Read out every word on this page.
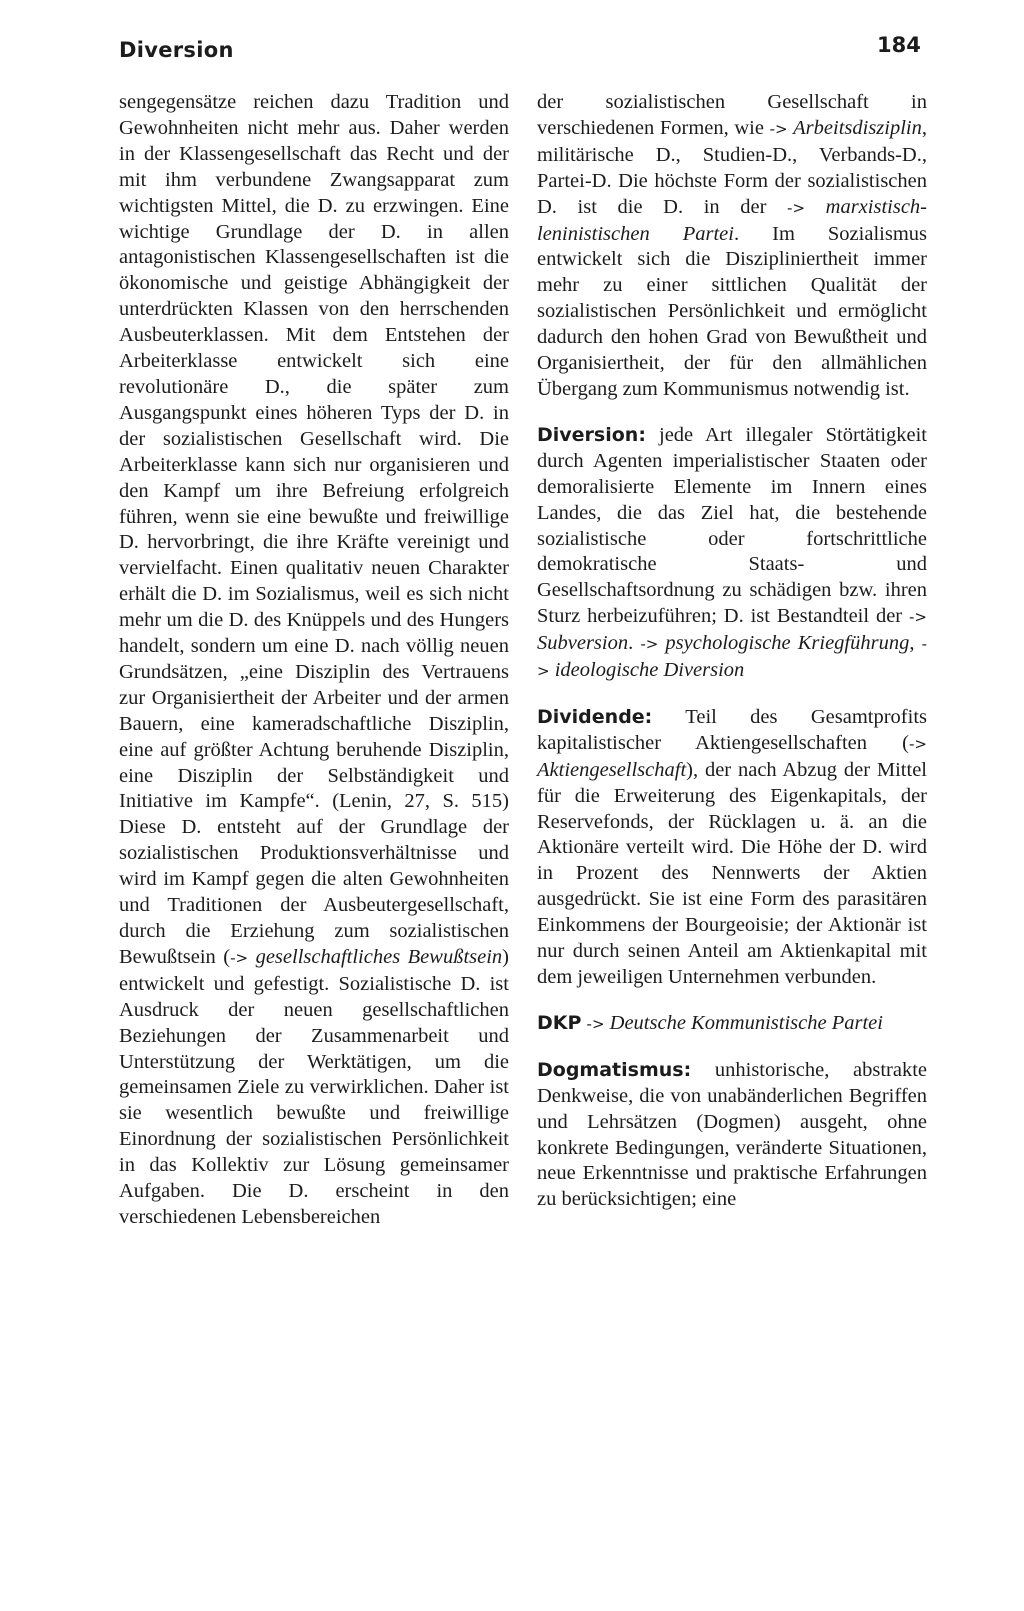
Diversion	184

sengegensätze reichen dazu Tradition und Gewohnheiten nicht mehr aus. Daher werden in der Klassengesellschaft das Recht und der mit ihm verbundene Zwangsapparat zum wichtigsten Mittel, die D. zu erzwingen. Eine wichtige Grundlage der D. in allen antagonistischen Klassengesellschaften ist die ökonomische und geistige Abhängigkeit der unterdrückten Klassen von den herrschenden Ausbeuterklassen. Mit dem Entstehen der Arbeiterklasse entwickelt sich eine revolutionäre D., die später zum Ausgangspunkt eines höheren Typs der D. in der sozialistischen Gesellschaft wird. Die Arbeiterklasse kann sich nur organisieren und den Kampf um ihre Befreiung erfolgreich führen, wenn sie eine bewußte und freiwillige D. hervorbringt, die ihre Kräfte vereinigt und vervielfacht. Einen qualitativ neuen Charakter erhält die D. im Sozialismus, weil es sich nicht mehr um die D. des Knüppels und des Hungers handelt, sondern um eine D. nach völlig neuen Grundsätzen, „eine Disziplin des Vertrauens zur Organisiertheit der Arbeiter und der armen Bauern, eine kameradschaftliche Disziplin, eine auf größter Achtung beruhende Disziplin, eine Disziplin der Selbständigkeit und Initiative im Kampfe“. (Lenin, 27, S. 515) Diese D. entsteht auf der Grundlage der sozialistischen Produktionsverhältnisse und wird im Kampf gegen die alten Gewohnheiten und Traditionen der Ausbeutergesellschaft, durch die Erziehung zum sozialistischen Bewußtsein (-> gesellschaftliches Bewußtsein) entwickelt und gefestigt. Sozialistische D. ist Ausdruck der neuen gesellschaftlichen Beziehungen der Zusammenarbeit und Unterstützung der Werktätigen, um die gemeinsamen Ziele zu verwirklichen. Daher ist sie wesentlich bewußte und freiwillige Einordnung der sozialistischen Persönlichkeit in das Kollektiv zur Lösung gemeinsamer Aufgaben. Die D. erscheint in den verschiedenen Lebensbereichen

der sozialistischen Gesellschaft in verschiedenen Formen, wie -> Arbeitsdisziplin, militärische D., Studien-D., Verbands-D., Partei-D. Die höchste Form der sozialistischen D. ist die D. in der -> marxistisch-leninistischen Partei. Im Sozialismus entwickelt sich die Diszipliniertheit immer mehr zu einer sittlichen Qualität der sozialistischen Persönlichkeit und ermöglicht dadurch den hohen Grad von Bewußtheit und Organisiertheit, der für den allmählichen Übergang zum Kommunismus notwendig ist.

Diversion: jede Art illegaler Störtätigkeit durch Agenten imperialistischer Staaten oder demoralisierte Elemente im Innern eines Landes, die das Ziel hat, die bestehende sozialistische oder fortschrittliche demokratische Staats- und Gesellschaftsordnung zu schädigen bzw. ihren Sturz herbeizuführen; D. ist Bestandteil der -> Subversion. -> psychologische Kriegführung, -> ideologische Diversion

Dividende: Teil des Gesamtprofits kapitalistischer Aktiengesellschaften (-> Aktiengesellschaft), der nach Abzug der Mittel für die Erweiterung des Eigenkapitals, der Reservefonds, der Rücklagen u. ä. an die Aktionäre verteilt wird. Die Höhe der D. wird in Prozent des Nennwerts der Aktien ausgedrückt. Sie ist eine Form des parasitären Einkommens der Bourgeoisie; der Aktionär ist nur durch seinen Anteil am Aktienkapital mit dem jeweiligen Unternehmen verbunden.

DKP -> Deutsche Kommunistische Partei

Dogmatismus: unhistorische, abstrakte Denkweise, die von unabänderlichen Begriffen und Lehrsätzen (Dogmen) ausgeht, ohne konkrete Bedingungen, veränderte Situationen, neue Erkenntnisse und praktische Erfahrungen zu berücksichtigen; eine
